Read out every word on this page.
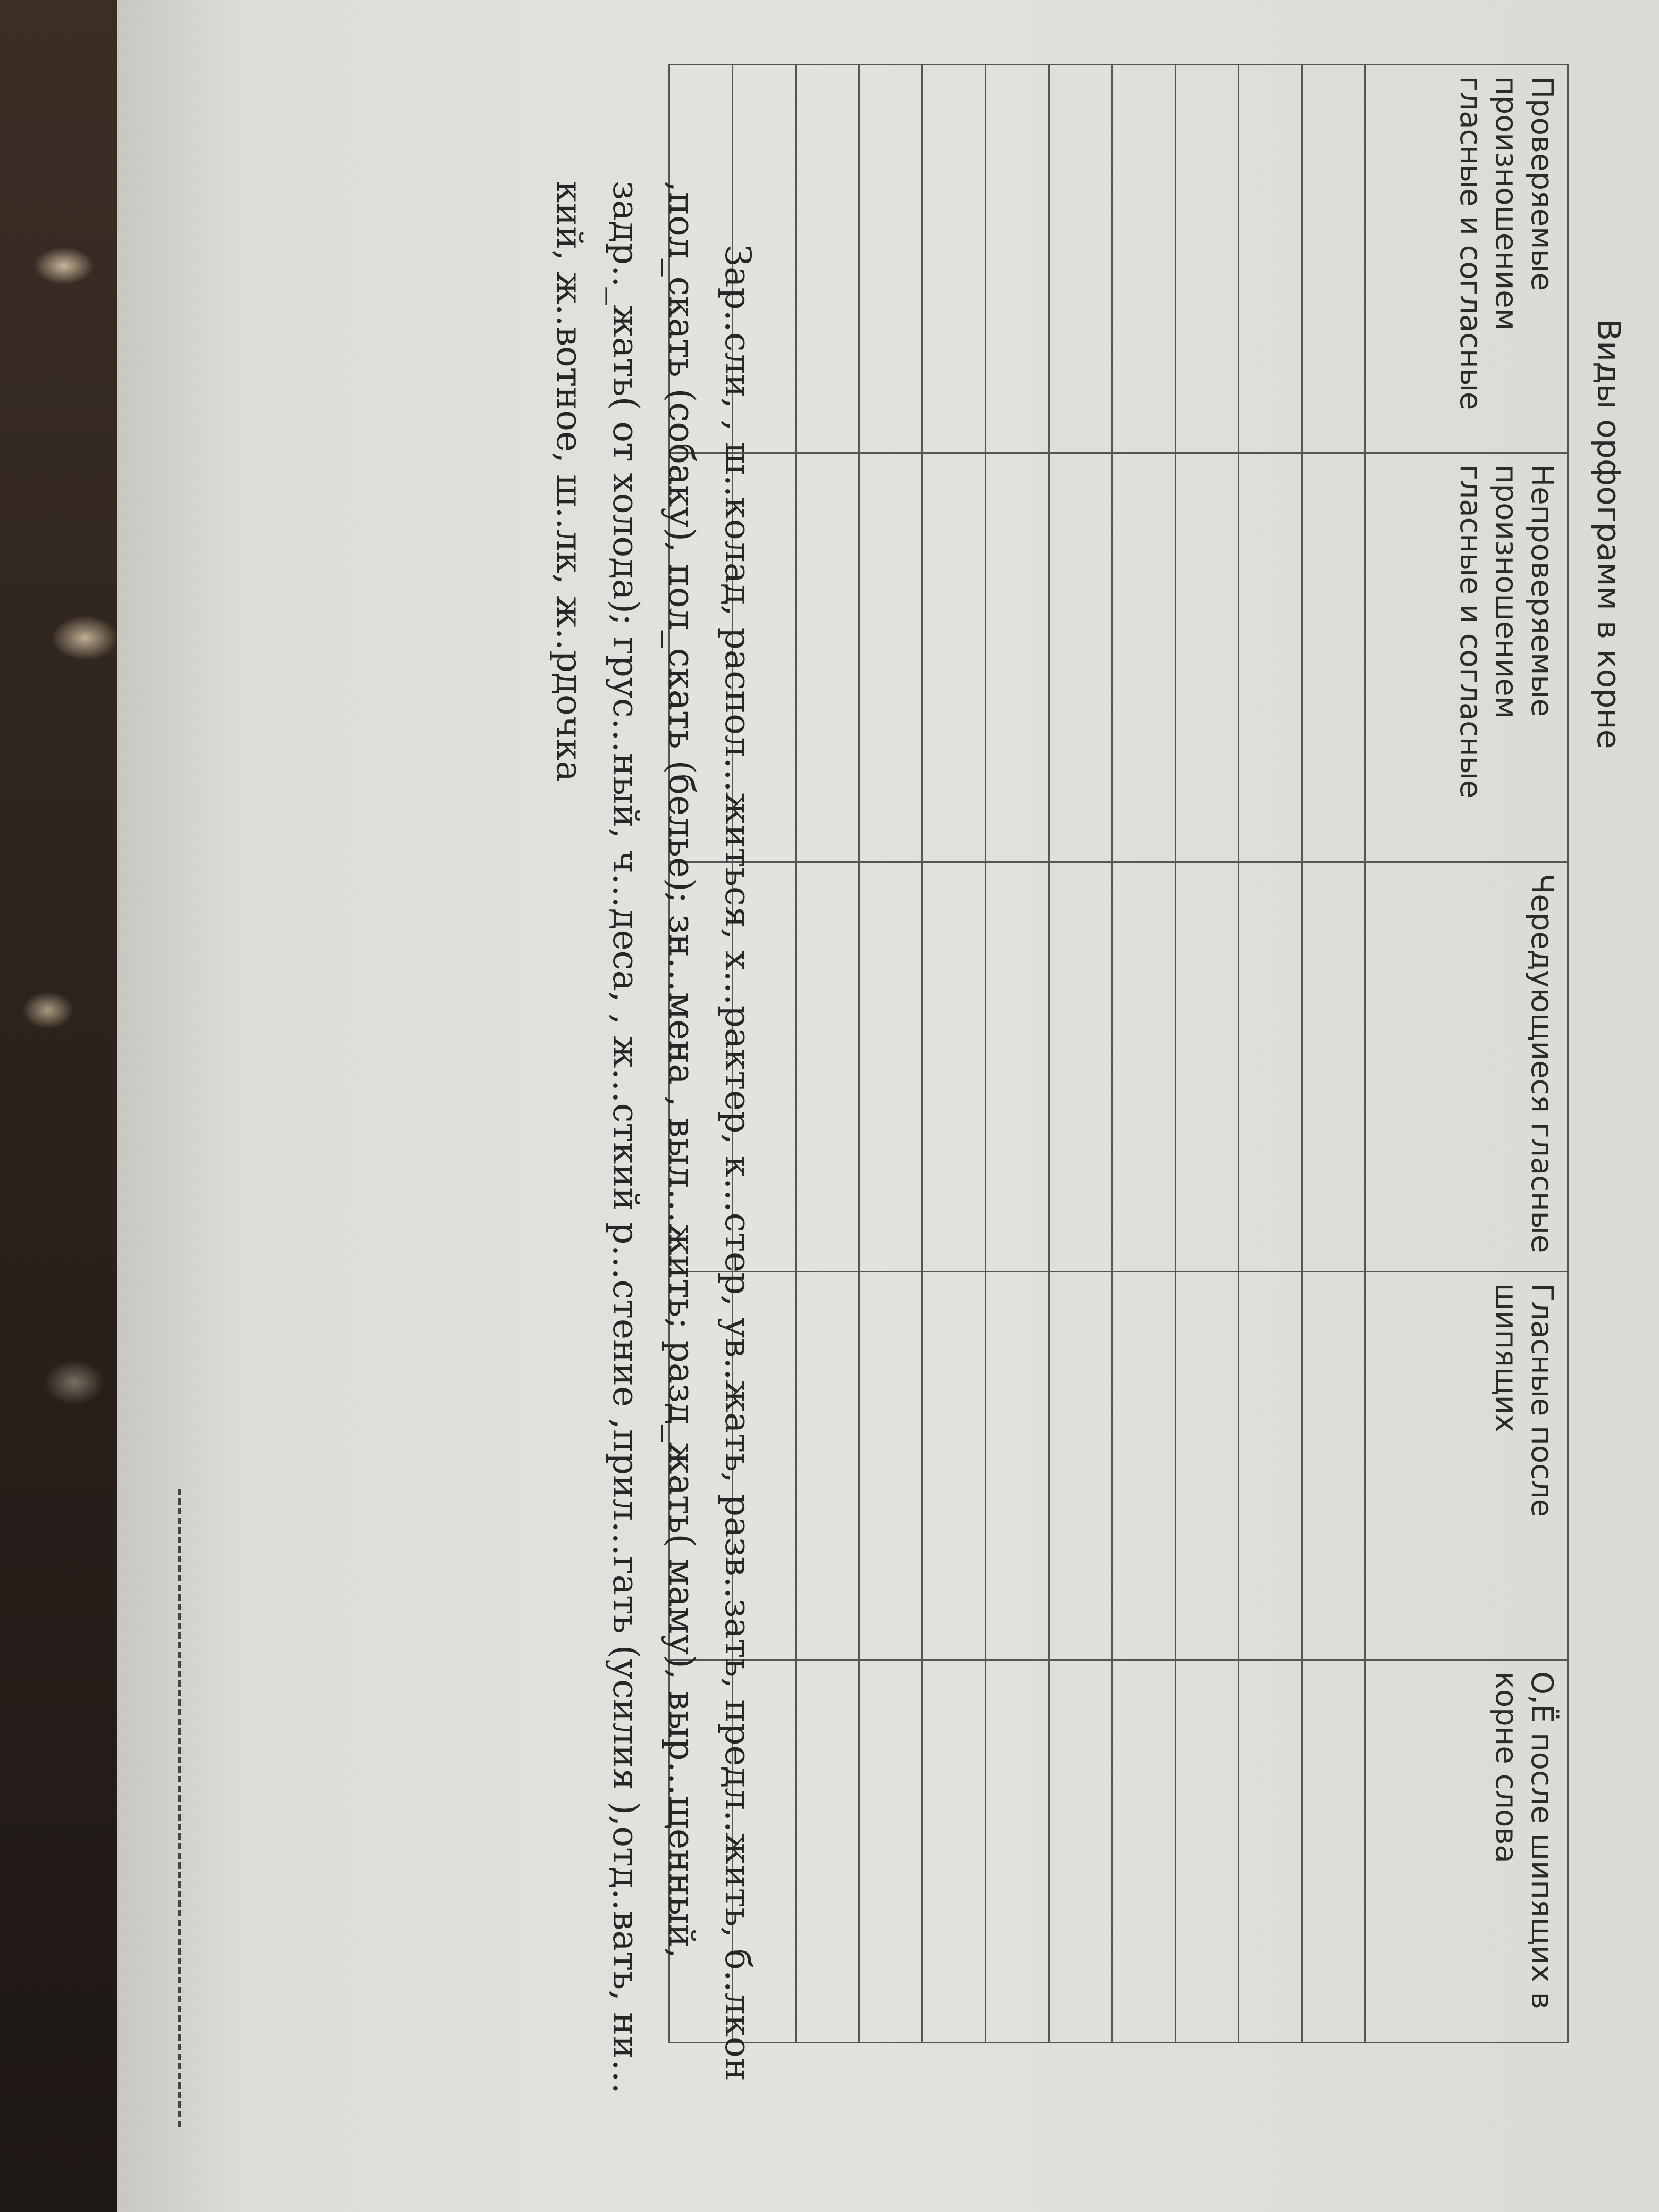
Виды орфограмм в корне
Проверяемые произношением гласные и согласные	Непроверяемые произношением гласные и согласные	Чередующиеся гласные	Гласные после шипящих	О,Ё после шипящих в корне слова

Зар..сли, , ш..колад, распол…житься, х…рактер, к…стер, ув..жать, разв..зать, предл..жить, б..лкон ,пол_скать (собаку), пол_скать (белье); зн…мена , выл…жить; разд_жать( маму), выр…щенный, задр.._жать( от холода); грус…ный, ч…деса, , ж…сткий р…стение ,прил…гать (усилия ),отд..вать, ни…кий, ж..вотное, ш..лк, ж..рдочка
